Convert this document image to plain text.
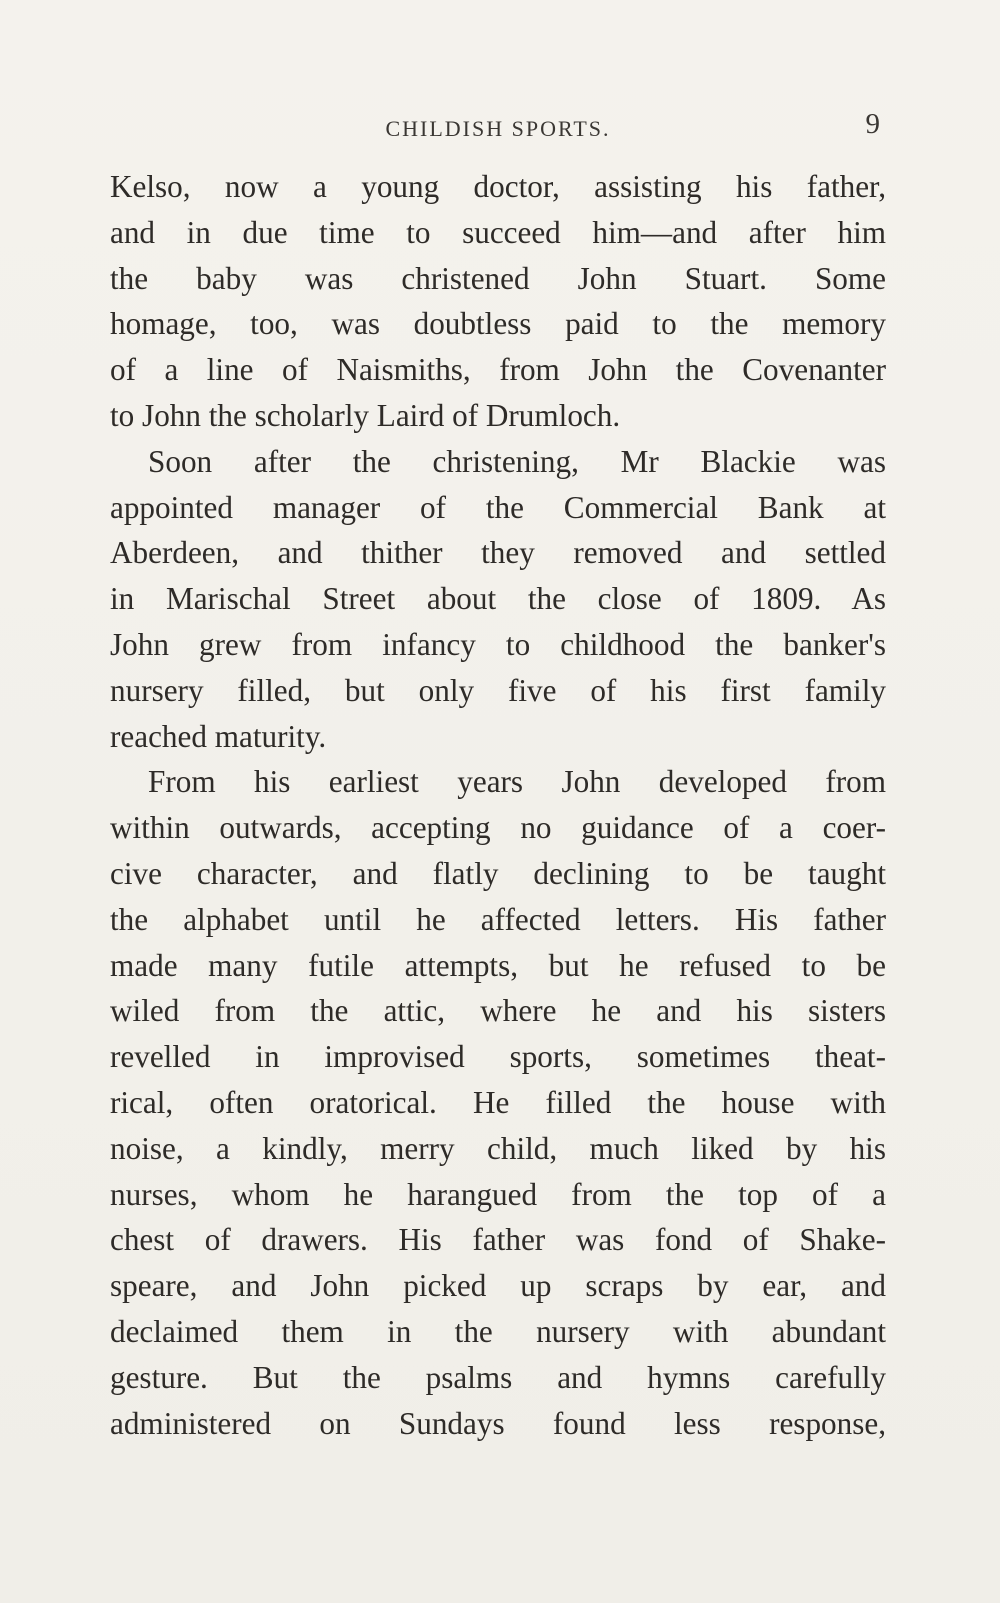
CHILDISH SPORTS.	9
Kelso, now a young doctor, assisting his father,
and in due time to succeed him—and after him
the baby was christened John Stuart. Some
homage, too, was doubtless paid to the memory
of a line of Naismiths, from John the Covenanter
to John the scholarly Laird of Drumloch.
Soon after the christening, Mr Blackie was
appointed manager of the Commercial Bank at
Aberdeen, and thither they removed and settled
in Marischal Street about the close of 1809. As
John grew from infancy to childhood the banker's
nursery filled, but only five of his first family
reached maturity.
From his earliest years John developed from
within outwards, accepting no guidance of a coer-
cive character, and flatly declining to be taught
the alphabet until he affected letters. His father
made many futile attempts, but he refused to be
wiled from the attic, where he and his sisters
revelled in improvised sports, sometimes theat-
rical, often oratorical. He filled the house with
noise, a kindly, merry child, much liked by his
nurses, whom he harangued from the top of a
chest of drawers. His father was fond of Shake-
speare, and John picked up scraps by ear, and
declaimed them in the nursery with abundant
gesture. But the psalms and hymns carefully
administered on Sundays found less response,
